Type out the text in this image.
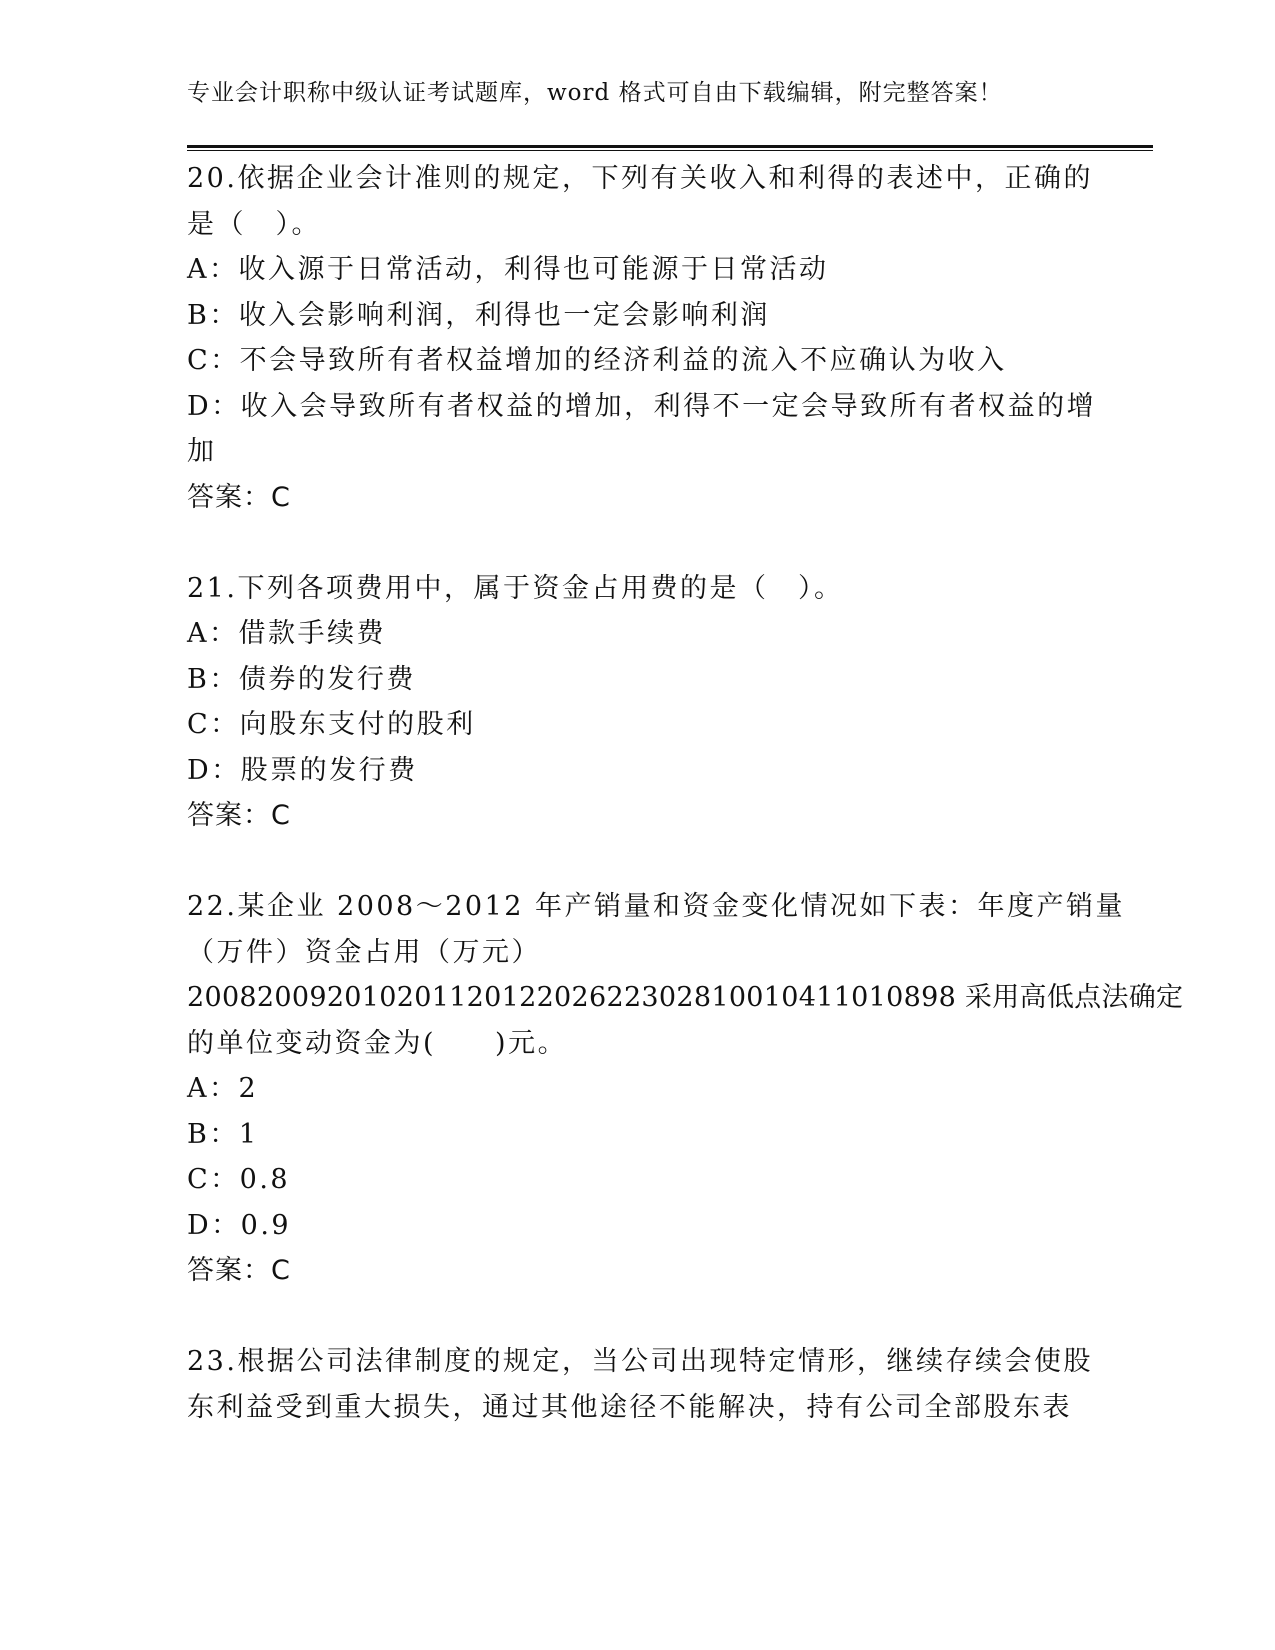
专业会计职称中级认证考试题库，word 格式可自由下载编辑，附完整答案！
20.依据企业会计准则的规定，下列有关收入和利得的表述中，正确的
是（　）。
A：收入源于日常活动，利得也可能源于日常活动
B：收入会影响利润，利得也一定会影响利润
C：不会导致所有者权益增加的经济利益的流入不应确认为收入
D：收入会导致所有者权益的增加，利得不一定会导致所有者权益的增
加
答案：C
21.下列各项费用中，属于资金占用费的是（　）。
A：借款手续费
B：债券的发行费
C：向股东支付的股利
D：股票的发行费
答案：C
22.某企业 2008～2012 年产销量和资金变化情况如下表：年度产销量
（万件）资金占用（万元）
20082009201020112012202622302810010411010898 采用高低点法确定
的单位变动资金为(　　)元。
A：2
B：1
C：0.8
D：0.9
答案：C
23.根据公司法律制度的规定，当公司出现特定情形，继续存续会使股
东利益受到重大损失，通过其他途径不能解决，持有公司全部股东表
